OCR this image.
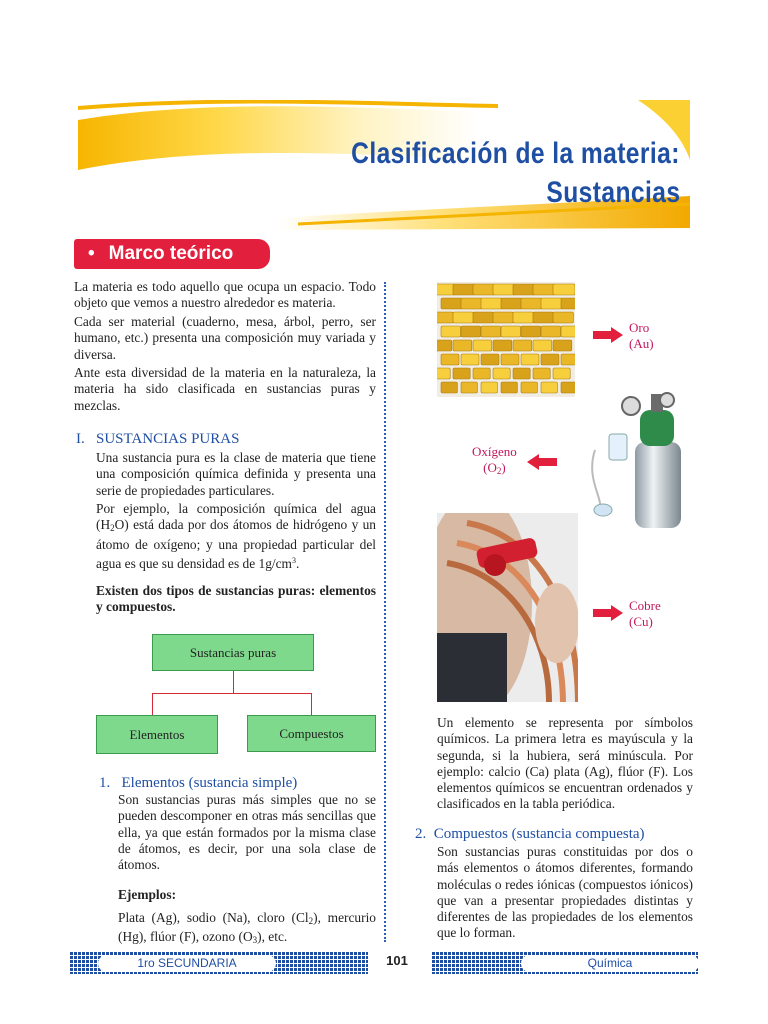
Clasificación de la materia:
Sustancias
• Marco teórico

La materia es todo aquello que ocupa un espacio. Todo objeto que vemos a nuestro alrededor es materia.

Cada ser material (cuaderno, mesa, árbol, perro, ser humano, etc.) presenta una composición muy variada y diversa.

Ante esta diversidad de la materia en la naturaleza, la materia ha sido clasificada en sustancias puras y mezclas.

I. SUSTANCIAS PURAS

Una sustancia pura es la clase de materia que tiene una composición química definida y presenta una serie de propiedades particulares.

Por ejemplo, la composición química del agua $(H_2O)$ está dada por dos átomos de hidrógeno y un átomo de oxígeno; y una propiedad particular del agua es que su densidad es de $1g/cm^3$.

Existen dos tipos de sustancias puras: elementos y compuestos.

Sustancias puras
Elementos	Compuestos
1. Elementos (sustancia simple)

Son sustancias puras más simples que no se pueden descomponer en otras más sencillas que ella, ya que están formados por la misma clase de átomos, es decir, por una sola clase de átomos.

Ejemplos:

Plata (Ag), sodio (Na), cloro $(Cl_2)$, mercurio (Hg), flúor (F), ozono $(O_3)$, etc.

Oro
(Au)
Oxígeno
$(O_2)$
Cobre
(Cu)

Un elemento se representa por símbolos químicos. La primera letra es mayúscula y la segunda, si la hubiera, será minúscula. Por ejemplo: calcio (Ca) plata (Ag), flúor (F). Los elementos químicos se encuentran ordenados y clasificados en la tabla periódica.

2. Compuestos (sustancia compuesta)

Son sustancias puras constituidas por dos o más elementos o átomos diferentes, formando moléculas o redes iónicas (compuestos iónicos) que van a presentar propiedades distintas y diferentes de las propiedades de los elementos que lo forman.

1ro SECUNDARIA	101	Química
